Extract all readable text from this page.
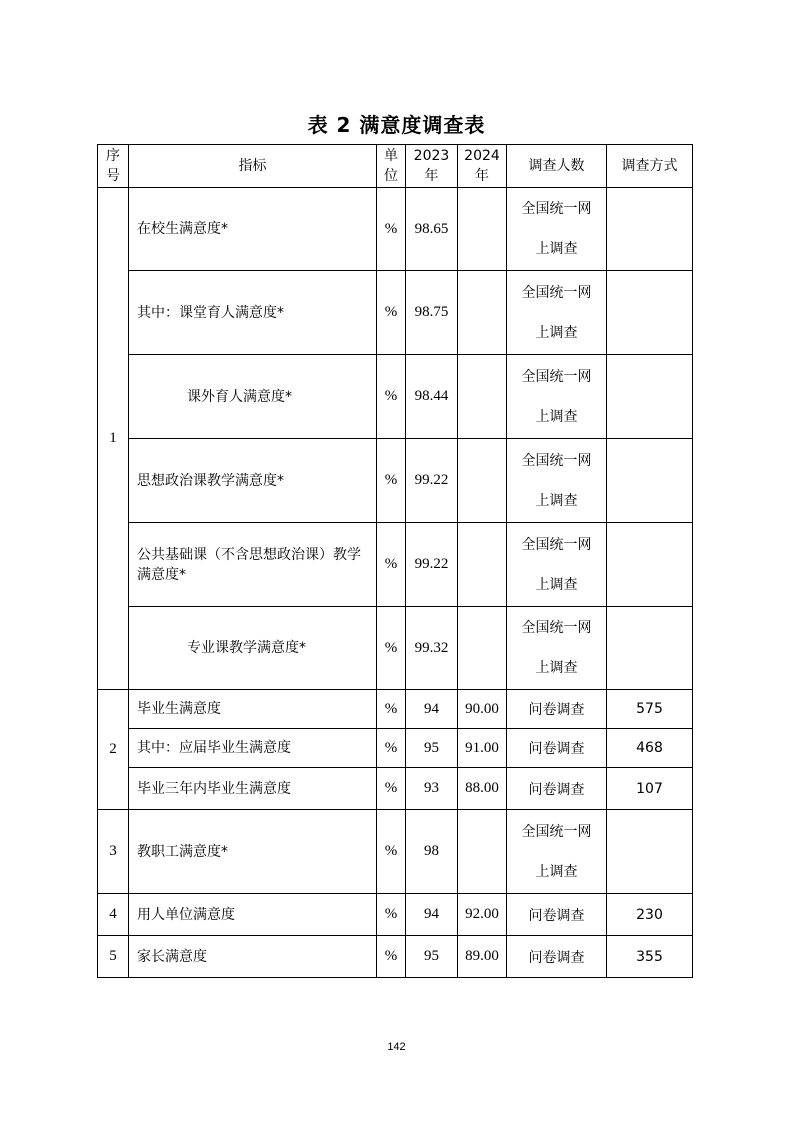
表 2 满意度调查表
序号	指标	单位	2023 年	2024 年	调查人数	调查方式
1	在校生满意度*	%	98.65		全国统一网
上调查	

	其中：课堂育人满意度*	%	98.75		全国统一网
上调查	

	课外育人满意度*	%	98.44		全国统一网
上调查	

	思想政治课教学满意度*	%	99.22		全国统一网
上调查	

	公共基础课（不含思想政治课）教学满意度*	%	99.22		全国统一网
上调查	

	专业课教学满意度*	%	99.32		全国统一网
上调查	

2	毕业生满意度	%	94	90.00	问卷调查	575
	其中：应届毕业生满意度	%	95	91.00	问卷调查	468
	毕业三年内毕业生满意度	%	93	88.00	问卷调查	107
3	教职工满意度*	%	98		全国统一网
上调查	

4	用人单位满意度	%	94	92.00	问卷调查	230
5	家长满意度	%	95	89.00	问卷调查	355
142
